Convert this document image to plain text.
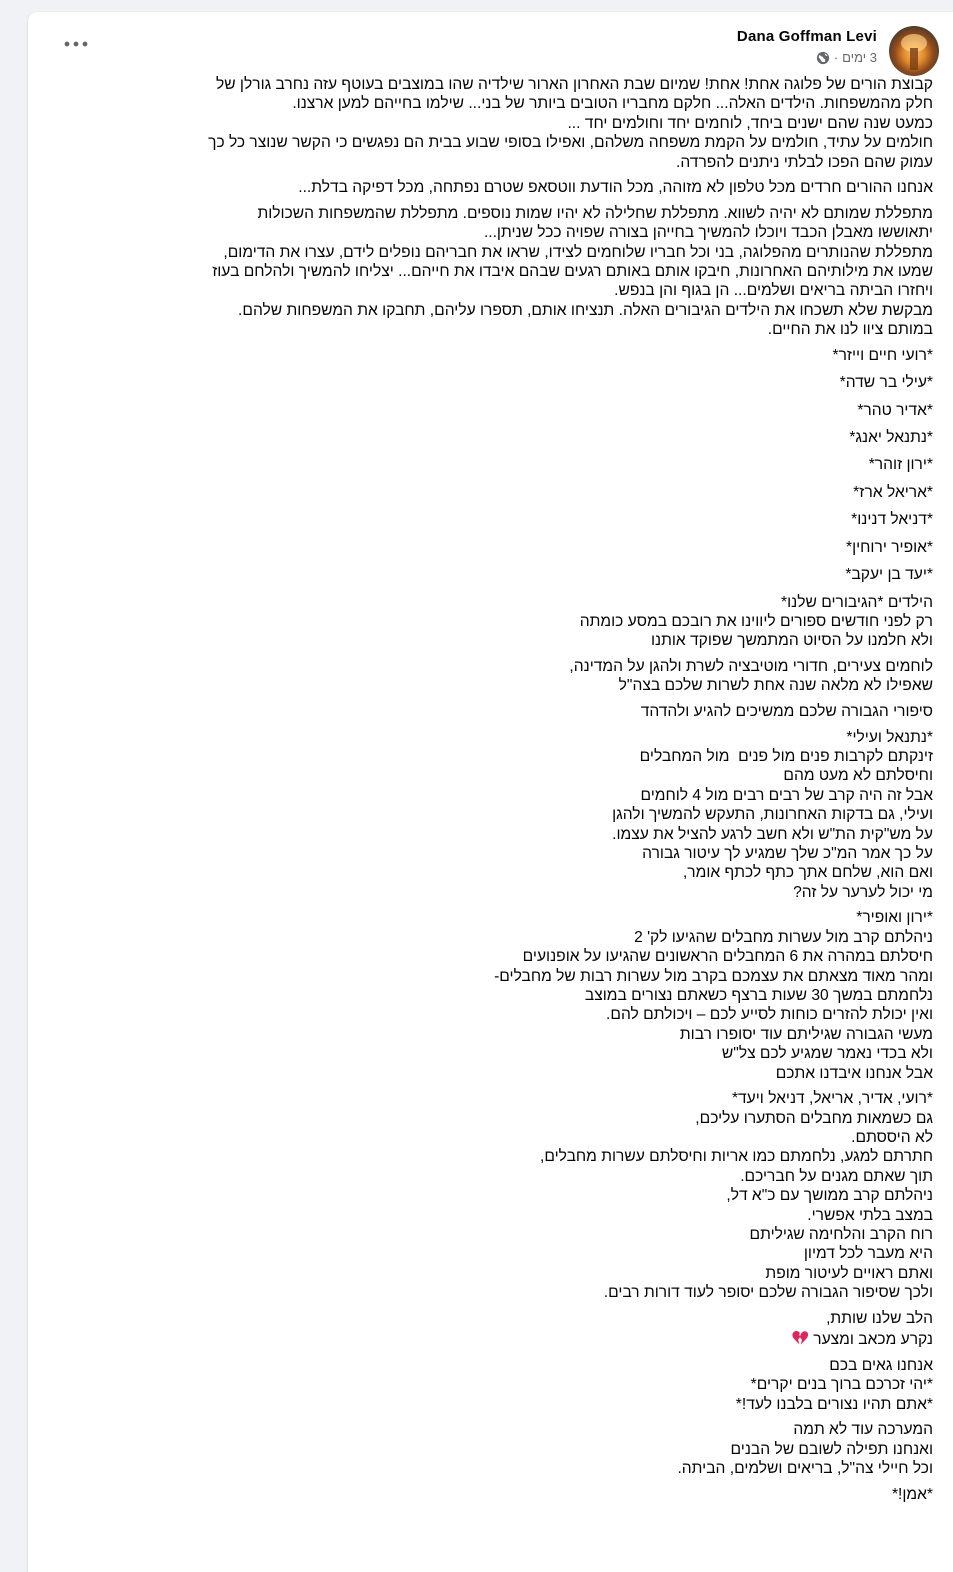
Dana Goffman Levi
· 3 ימים

קבוצת הורים של פלוגה אחת! אחת! שמיום שבת האחרון הארור שילדיה שהו במוצבים בעוטף עזה נחרב גורלן של
חלק מהמשפחות. הילדים האלה... חלקם מחבריו הטובים ביותר של בני... שילמו בחייהם למען ארצנו.
כמעט שנה שהם ישנים ביחד, לוחמים יחד וחולמים יחד ...
חולמים על עתיד, חולמים על הקמת משפחה משלהם, ואפילו בסופי שבוע בבית הם נפגשים כי הקשר שנוצר כל כך
עמוק שהם הפכו לבלתי ניתנים להפרדה.

אנחנו ההורים חרדים מכל טלפון לא מזוהה, מכל הודעת ווטסאפ שטרם נפתחה, מכל דפיקה בדלת...

מתפללת שמותם לא יהיה לשווא. מתפללת שחלילה לא יהיו שמות נוספים. מתפללת שהמשפחות השכולות
יתאוששו מאבלן הכבד ויוכלו להמשיך בחייהן בצורה שפויה ככל שניתן...
מתפללת שהנותרים מהפלוגה, בני וכל חבריו שלוחמים לצידו, שראו את חבריהם נופלים לידם, עצרו את הדימום,
שמעו את מילותיהם האחרונות, חיבקו אותם באותם רגעים שבהם איבדו את חייהם... יצליחו להמשיך ולהלחם בעוז
ויחזרו הביתה בריאים ושלמים... הן בגוף והן בנפש.
מבקשת שלא תשכחו את הילדים הגיבורים האלה. תנציחו אותם, תספרו עליהם, תחבקו את המשפחות שלהם.
במותם ציוו לנו את החיים.

*רועי חיים וייזר*

*עילי בר שדה*

*אדיר טהר*

*נתנאל יאנג*

*ירון זוהר*

*אריאל ארז*

*דניאל דנינו*

*אופיר ירוחין*

*יעד בן יעקב*

הילדים *הגיבורים שלנו*
רק לפני חודשים ספורים ליווינו את רובכם במסע כומתה
ולא חלמנו על הסיוט המתמשך שפוקד אותנו

לוחמים צעירים, חדורי מוטיבציה לשרת ולהגן על המדינה,
שאפילו לא מלאה שנה אחת לשרות שלכם בצה"ל

סיפורי הגבורה שלכם ממשיכים להגיע ולהדהד

*נתנאל ועילי*
זינקתם לקרבות פנים מול פנים  מול המחבלים
וחיסלתם לא מעט מהם
אבל זה היה קרב של רבים רבים מול 4 לוחמים
ועילי, גם בדקות האחרונות, התעקש להמשיך ולהגן
על מש"קית הת"ש ולא חשב לרגע להציל את עצמו.
על כך אמר המ"כ שלך שמגיע לך עיטור גבורה
ואם הוא, שלחם אתך כתף לכתף אומר,
מי יכול לערער על זה?

*ירון ואופיר*
ניהלתם קרב מול עשרות מחבלים שהגיעו לק' 2
חיסלתם במהרה את 6 המחבלים הראשונים שהגיעו על אופנועים
ומהר מאוד מצאתם את עצמכם בקרב מול עשרות רבות של מחבלים-
נלחמתם במשך 30 שעות ברצף כשאתם נצורים במוצב
ואין יכולת להזרים כוחות לסייע לכם – ויכולתם להם.
מעשי הגבורה שגיליתם עוד יסופרו רבות
ולא בכדי נאמר שמגיע לכם צל"ש
אבל אנחנו איבדנו אתכם

*רועי, אדיר, אריאל, דניאל ויעד*
גם כשמאות מחבלים הסתערו עליכם,
לא היססתם.
חתרתם למגע, נלחמתם כמו אריות וחיסלתם עשרות מחבלים,
תוך שאתם מגנים על חבריכם.
ניהלתם קרב ממושך עם כ"א דל,
במצב בלתי אפשרי.
רוח הקרב והלחימה שגיליתם
היא מעבר לכל דמיון
ואתם ראויים לעיטור מופת
ולכך שסיפור הגבורה שלכם יסופר לעוד דורות רבים.

הלב שלנו שותת,

נקרע מכאב ומצער

אנחנו גאים בכם
*יהי זכרכם ברוך בנים יקרים*
*אתם תהיו נצורים בלבנו לעד!*

המערכה עוד לא תמה
ואנחנו תפילה לשובם של הבנים
וכל חיילי צה"ל, בריאים ושלמים, הביתה.

*אמן!*
